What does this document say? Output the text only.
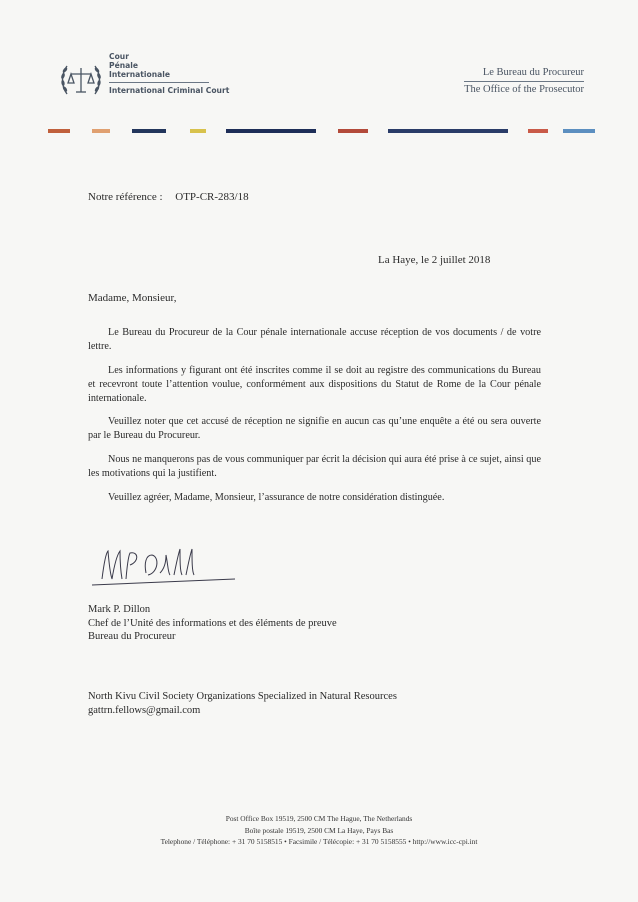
Cour
Pénale
Internationale
International Criminal Court
Le Bureau du Procureur
The Office of the Prosecutor
Notre référence : OTP-CR-283/18
La Haye, le 2 juillet 2018
Madame, Monsieur,
Le Bureau du Procureur de la Cour pénale internationale accuse réception de vos documents / de votre lettre.
Les informations y figurant ont été inscrites comme il se doit au registre des communications du Bureau et recevront toute l’attention voulue, conformément aux dispositions du Statut de Rome de la Cour pénale internationale.
Veuillez noter que cet accusé de réception ne signifie en aucun cas qu’une enquête a été ou sera ouverte par le Bureau du Procureur.
Nous ne manquerons pas de vous communiquer par écrit la décision qui aura été prise à ce sujet, ainsi que les motivations qui la justifient.
Veuillez agréer, Madame, Monsieur, l’assurance de notre considération distinguée.
Mark P. Dillon
Chef de l’Unité des informations et des éléments de preuve
Bureau du Procureur
North Kivu Civil Society Organizations Specialized in Natural Resources
gattrn.fellows@gmail.com
Post Office Box 19519, 2500 CM The Hague, The Netherlands
Boîte postale 19519, 2500 CM La Haye, Pays Bas
Telephone / Téléphone: + 31 70 5158515 • Facsimile / Télécopie: + 31 70 5158555 • http://www.icc-cpi.int
